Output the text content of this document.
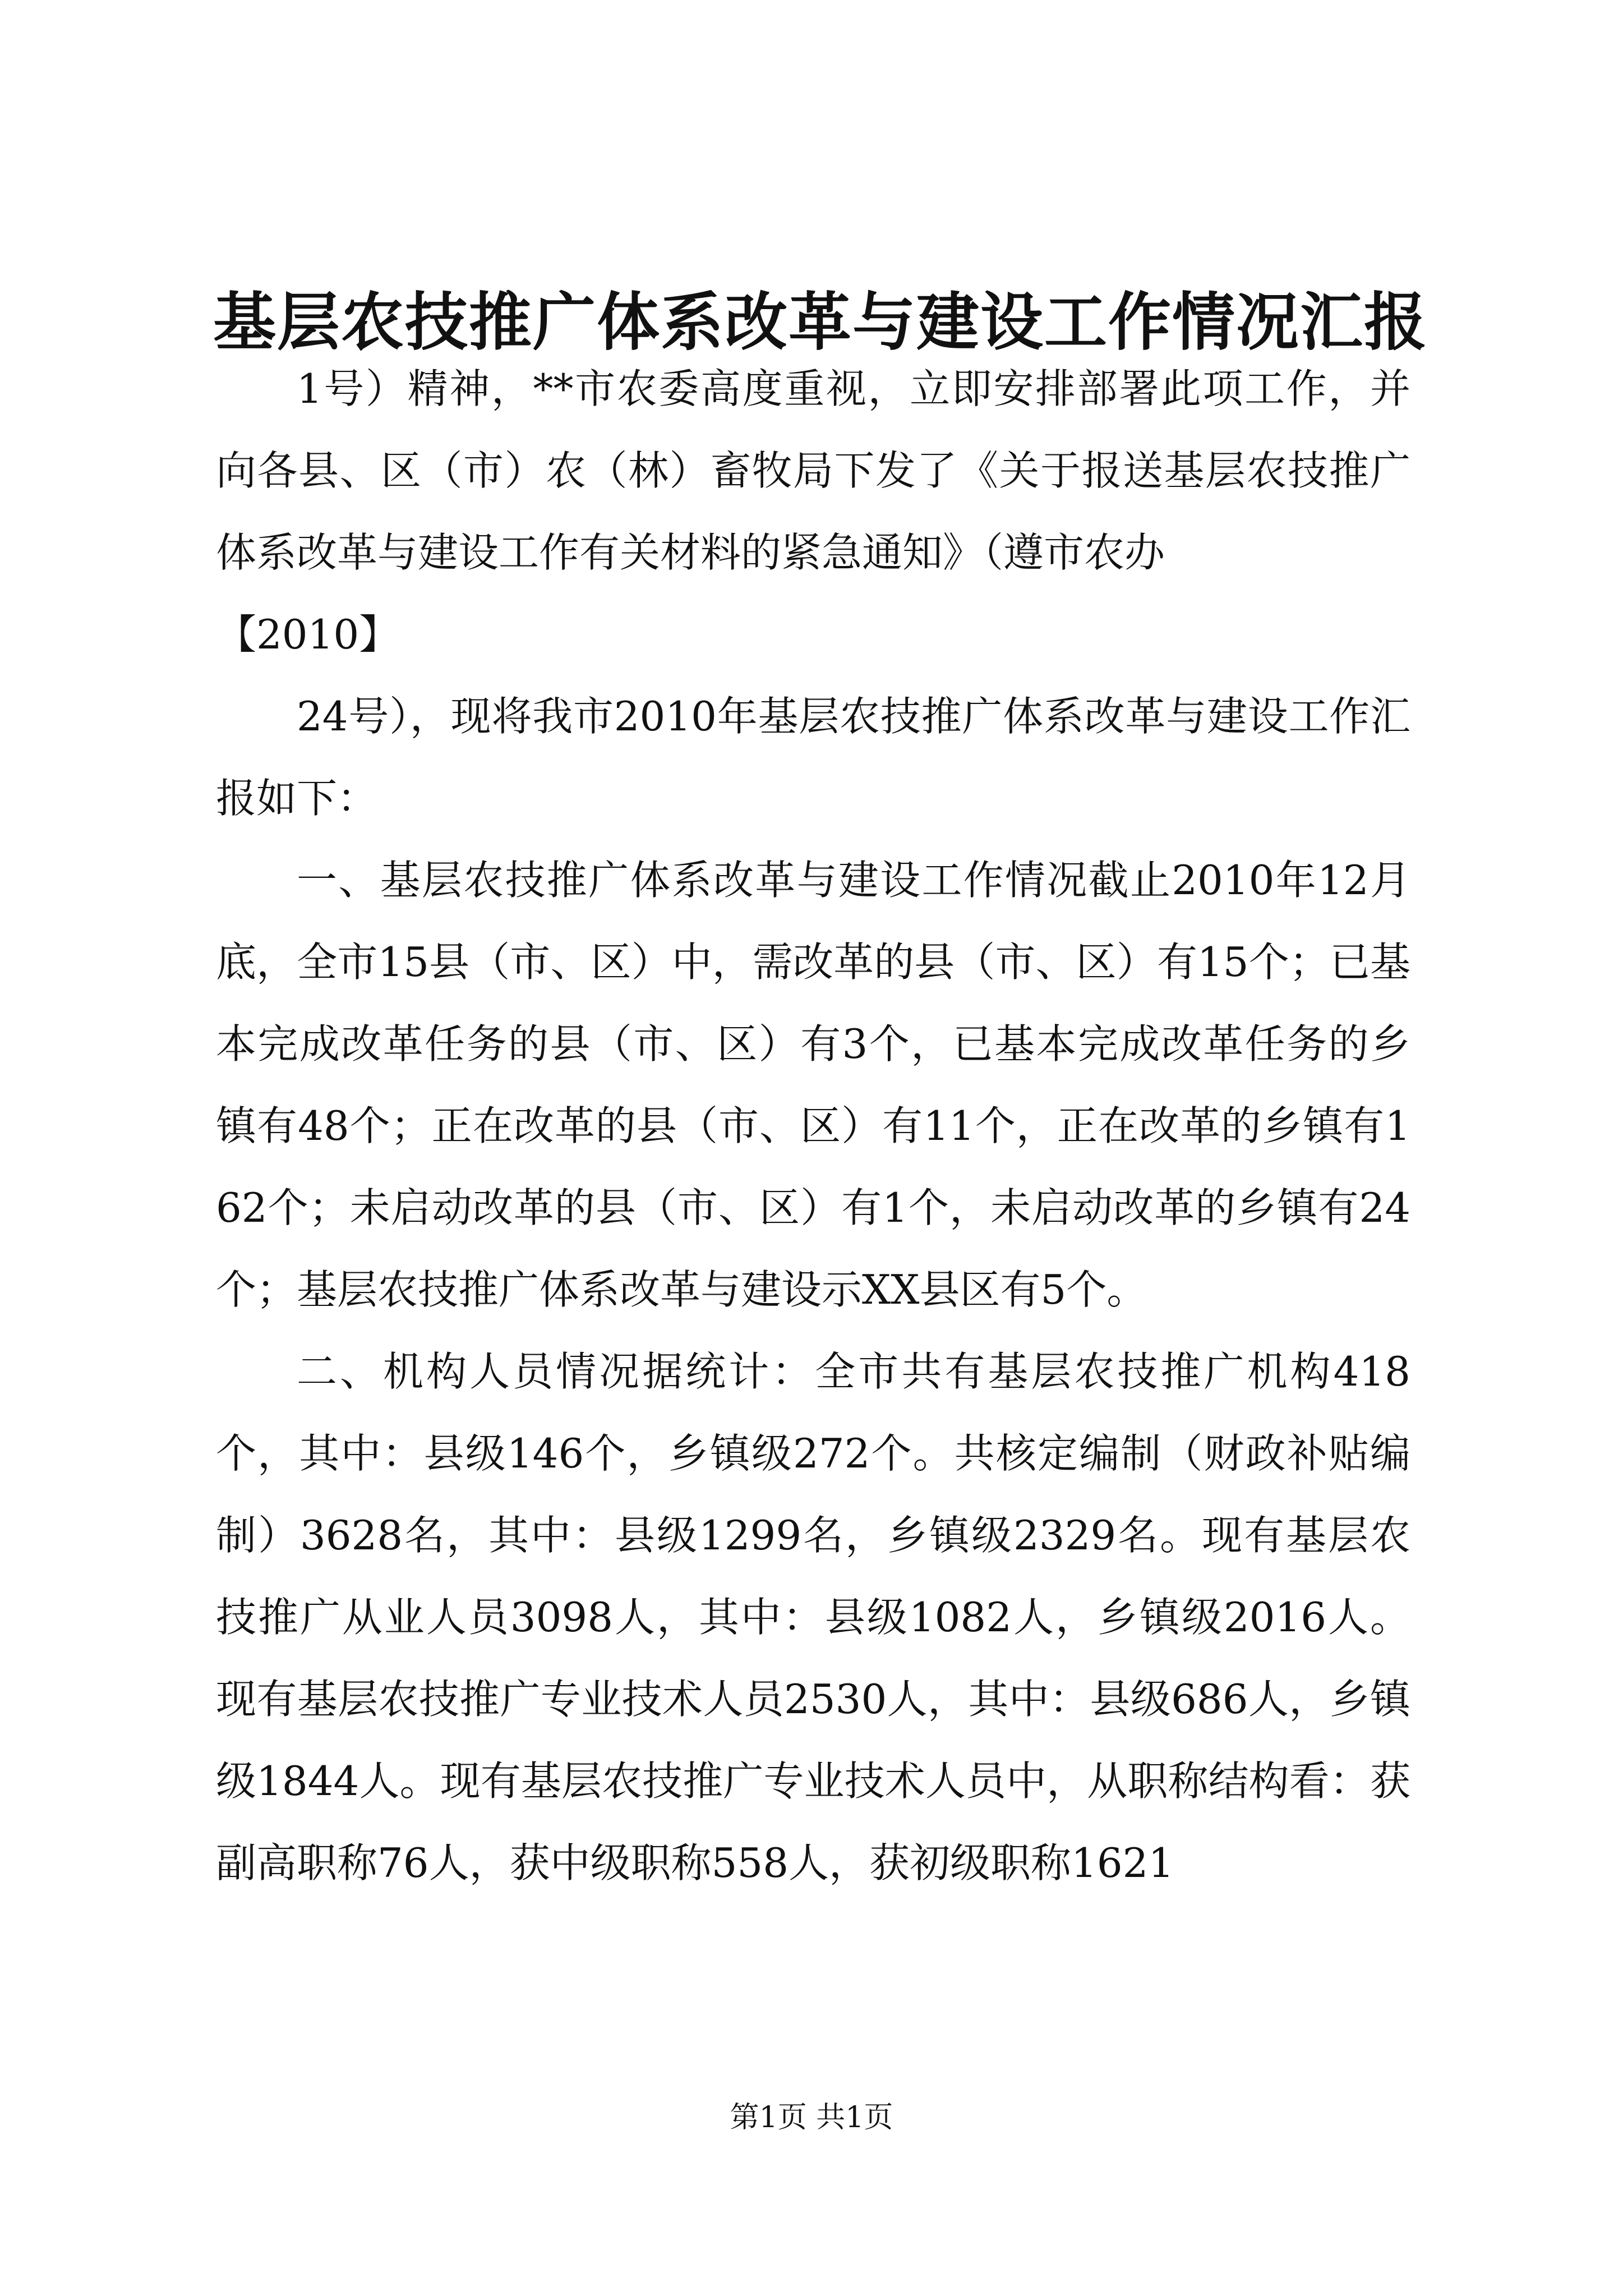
基层农技推广体系改革与建设工作情况汇报

1号）精神，**市农委高度重视，立即安排部署此项工作，并向各县、区（市）农（林）畜牧局下发了《关于报送基层农技推广体系改革与建设工作有关材料的紧急通知》（遵市农办

【2010】

24号），现将我市2010年基层农技推广体系改革与建设工作汇报如下：

一、基层农技推广体系改革与建设工作情况截止2010年12月底，全市15县（市、区）中，需改革的县（市、区）有15个；已基本完成改革任务的县（市、区）有3个，已基本完成改革任务的乡镇有48个；正在改革的县（市、区）有11个，正在改革的乡镇有162个；未启动改革的县（市、区）有1个，未启动改革的乡镇有24个；基层农技推广体系改革与建设示XX县区有5个。

二、机构人员情况据统计：全市共有基层农技推广机构418个，其中：县级146个，乡镇级272个。共核定编制（财政补贴编制）3628名，其中：县级1299名，乡镇级2329名。现有基层农技推广从业人员3098人，其中：县级1082人，乡镇级2016人。现有基层农技推广专业技术人员2530人，其中：县级686人，乡镇级1844人。现有基层农技推广专业技术人员中，从职称结构看：获副高职称76人，获中级职称558人，获初级职称1621

第1页 共1页
